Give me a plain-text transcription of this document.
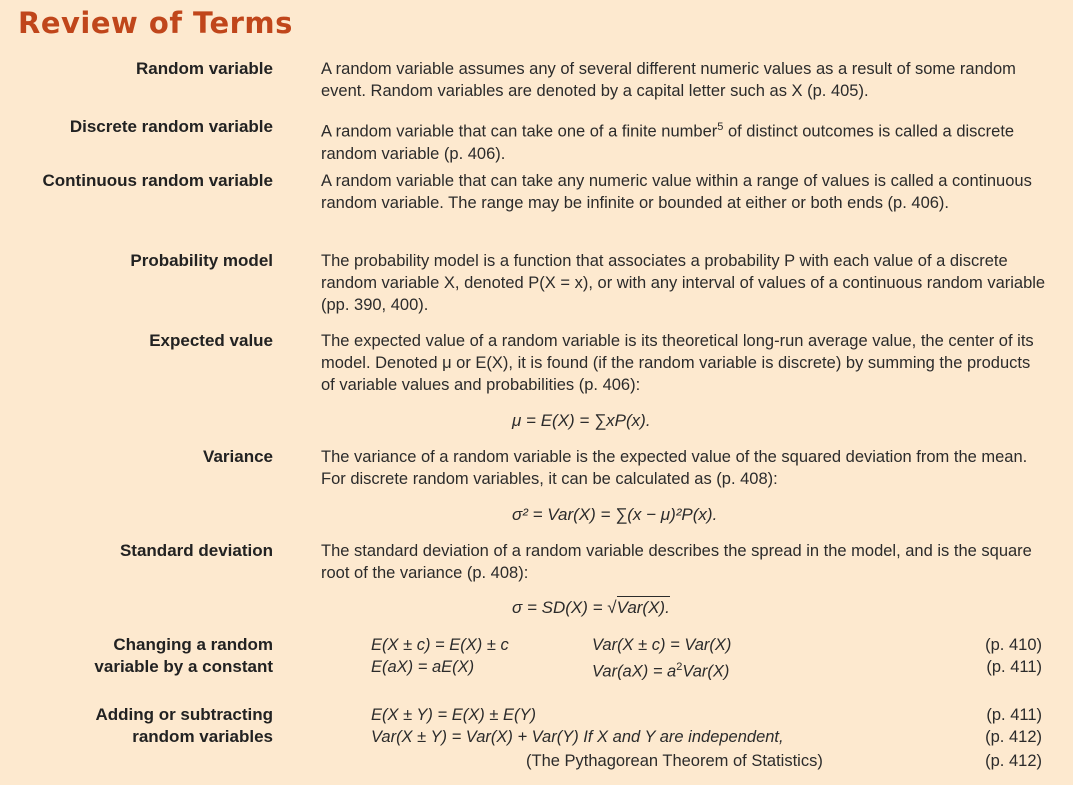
Review of Terms
Random variable	A random variable assumes any of several different numeric values as a result of some random event. Random variables are denoted by a capital letter such as X (p. 405).
Discrete random variable	A random variable that can take one of a finite number$^5$ of distinct outcomes is called a discrete random variable (p. 406).
Continuous random variable	A random variable that can take any numeric value within a range of values is called a continuous random variable. The range may be infinite or bounded at either or both ends (p. 406).
Probability model	The probability model is a function that associates a probability P with each value of a discrete random variable X, denoted P(X = x), or with any interval of values of a continuous random variable (pp. 390, 400).
Expected value	The expected value of a random variable is its theoretical long-run average value, the center of its model. Denoted μ or E(X), it is found (if the random variable is discrete) by summing the products of variable values and probabilities (p. 406):
μ = E(X) = ∑xP(x).
Variance	The variance of a random variable is the expected value of the squared deviation from the mean. For discrete random variables, it can be calculated as (p. 408):
σ² = Var(X) = ∑(x − μ)²P(x).
Standard deviation	The standard deviation of a random variable describes the spread in the model, and is the square root of the variance (p. 408):
σ = SD(X) = √Var(X).
Changing a random
variable by a constant
E(X ± c) = E(X) ± c	Var(X ± c) = Var(X)	(p. 410)
E(aX) = aE(X)	$Var(aX) = a^2Var(X)$	(p. 411)
Adding or subtracting
random variables
E(X ± Y) = E(X) ± E(Y)	(p. 411)
Var(X ± Y) = Var(X) + Var(Y) If X and Y are independent,	(p. 412)
(The Pythagorean Theorem of Statistics)	(p. 412)
